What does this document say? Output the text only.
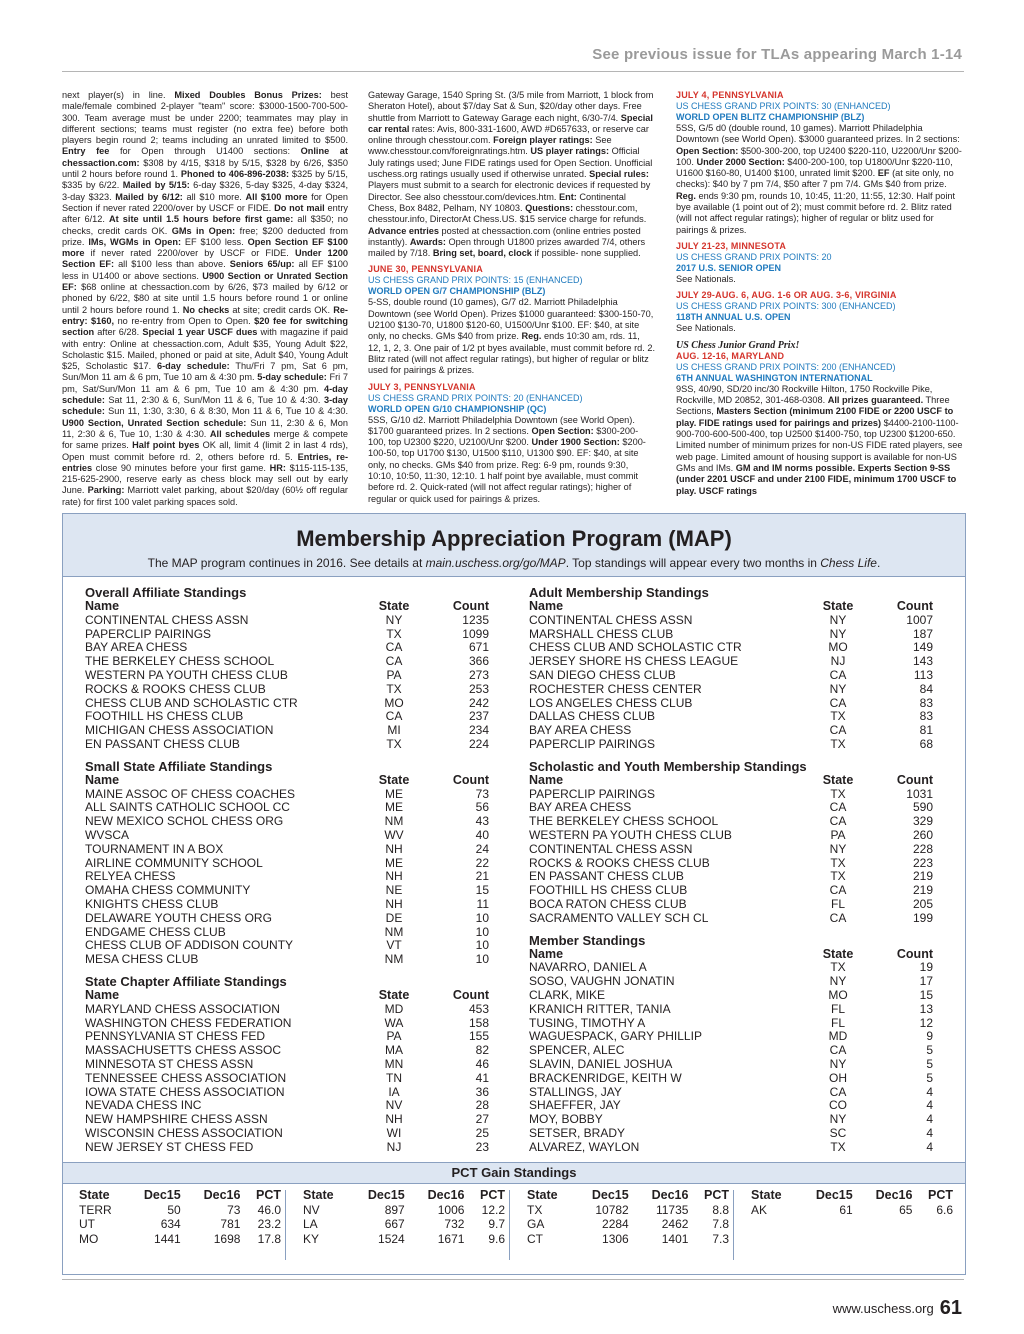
See previous issue for TLAs appearing March 1-14

next player(s) in line. Mixed Doubles Bonus Prizes: best male/female combined 2-player "team" score: $3000-1500-700-500-300. Team average must be under 2200; teammates may play in different sections; teams must register (no extra fee) before both players begin round 2; teams including an unrated limited to $500. Entry fee for Open through U1400 sections: Online at chessaction.com: $308 by 4/15, $318 by 5/15, $328 by 6/26, $350 until 2 hours before round 1. Phoned to 406-896-2038: $325 by 5/15, $335 by 6/22. Mailed by 5/15: 6-day $326, 5-day $325, 4-day $324, 3-day $323. Mailed by 6/12: all $10 more. All $100 more for Open Section if never rated 2200/over by USCF or FIDE. Do not mail entry after 6/12. At site until 1.5 hours before first game: all $350; no checks, credit cards OK. GMs in Open: free; $200 deducted from prize. IMs, WGMs in Open: EF $100 less. Open Section EF $100 more if never rated 2200/over by USCF or FIDE. Under 1200 Section EF: all $100 less than above. Seniors 65/up: all EF $100 less in U1400 or above sections. U900 Section or Unrated Section EF: $68 online at chessaction.com by 6/26, $73 mailed by 6/12 or phoned by 6/22, $80 at site until 1.5 hours before round 1 or online until 2 hours before round 1. No checks at site; credit cards OK. Re-entry: $160, no re-entry from Open to Open. $20 fee for switching section after 6/28. Special 1 year USCF dues with magazine if paid with entry: Online at chessaction.com, Adult $35, Young Adult $22, Scholastic $15. Mailed, phoned or paid at site, Adult $40, Young Adult $25, Scholastic $17. 6-day schedule: Thu/Fri 7 pm, Sat 6 pm, Sun/Mon 11 am & 6 pm, Tue 10 am & 4:30 pm. 5-day schedule: Fri 7 pm, Sat/Sun/Mon 11 am & 6 pm, Tue 10 am & 4:30 pm. 4-day schedule: Sat 11, 2:30 & 6, Sun/Mon 11 & 6, Tue 10 & 4:30. 3-day schedule: Sun 11, 1:30, 3:30, 6 & 8:30, Mon 11 & 6, Tue 10 & 4:30. U900 Section, Unrated Section schedule: Sun 11, 2:30 & 6, Mon 11, 2:30 & 6, Tue 10, 1:30 & 4:30. All schedules merge & compete for same prizes. Half point byes OK all, limit 4 (limit 2 in last 4 rds), Open must commit before rd. 2, others before rd. 5. Entries, re-entries close 90 minutes before your first game. HR: $115-115-135, 215-625-2900, reserve early as chess block may sell out by early June. Parking: Marriott valet parking, about $20/day (60½ off regular rate) for first 100 valet parking spaces sold.

Gateway Garage, 1540 Spring St. (3/5 mile from Marriott, 1 block from Sheraton Hotel), about $7/day Sat & Sun, $20/day other days. Free shuttle from Marriott to Gateway Garage each night, 6/30-7/4. Special car rental rates: Avis, 800-331-1600, AWD #D657633, or reserve car online through chesstour.com. Foreign player ratings: See www.chesstour.com/foreignratings.htm. US player ratings: Official July ratings used; June FIDE ratings used for Open Section. Unofficial uschess.org ratings usually used if otherwise unrated. Special rules: Players must submit to a search for electronic devices if requested by Director. See also chesstour.com/devices.htm. Ent: Continental Chess, Box 8482, Pelham, NY 10803. Questions: chesstour.com, chesstour.info, DirectorAt Chess.US. $15 service charge for refunds. Advance entries posted at chessaction.com (online entries posted instantly). Awards: Open through U1800 prizes awarded 7/4, others mailed by 7/18. Bring set, board, clock if possible- none supplied.

JUNE 30, PENNSYLVANIA
US CHESS GRAND PRIX POINTS: 15 (ENHANCED)
WORLD OPEN G/7 CHAMPIONSHIP (BLZ)

5-SS, double round (10 games), G/7 d2. Marriott Philadelphia Downtown (see World Open). Prizes $1000 guaranteed: $300-150-70, U2100 $130-70, U1800 $120-60, U1500/Unr $100. EF: $40, at site only, no checks. GMs $40 from prize. Reg. ends 10:30 am, rds. 11, 12, 1, 2, 3. One pair of 1/2 pt byes available, must commit before rd. 2. Blitz rated (will not affect regular ratings), but higher of regular or blitz used for pairings & prizes.

JULY 3, PENNSYLVANIA
US CHESS GRAND PRIX POINTS: 20 (ENHANCED)
WORLD OPEN G/10 CHAMPIONSHIP (QC)

5SS, G/10 d2. Marriott Philadelphia Downtown (see World Open). $1700 guaranteed prizes. In 2 sections. Open Section: $300-200-100, top U2300 $220, U2100/Unr $200. Under 1900 Section: $200-100-50, top U1700 $130, U1500 $110, U1300 $90. EF: $40, at site only, no checks. GMs $40 from prize. Reg: 6-9 pm, rounds 9:30, 10:10, 10:50, 11:30, 12:10. 1 half point bye available, must commit before rd. 2. Quick-rated (will not affect regular ratings); higher of regular or quick used for pairings & prizes.

JULY 4, PENNSYLVANIA
US CHESS GRAND PRIX POINTS: 30 (ENHANCED)
WORLD OPEN BLITZ CHAMPIONSHIP (BLZ)

5SS, G/5 d0 (double round, 10 games). Marriott Philadelphia Downtown (see World Open). $3000 guaranteed prizes. In 2 sections: Open Section: $500-300-200, top U2400 $220-110, U2200/Unr $200-100. Under 2000 Section: $400-200-100, top U1800/Unr $220-110, U1600 $160-80, U1400 $100, unrated limit $200. EF (at site only, no checks): $40 by 7 pm 7/4, $50 after 7 pm 7/4. GMs $40 from prize. Reg. ends 9:30 pm, rounds 10, 10:45, 11:20, 11:55, 12:30. Half point bye available (1 point out of 2); must commit before rd. 2. Blitz rated (will not affect regular ratings); higher of regular or blitz used for pairings & prizes.

JULY 21-23, MINNESOTA
US CHESS GRAND PRIX POINTS: 20
2017 U.S. SENIOR OPEN

See Nationals.

JULY 29-AUG. 6, AUG. 1-6 OR AUG. 3-6, VIRGINIA
US CHESS GRAND PRIX POINTS: 300 (ENHANCED)
118TH ANNUAL U.S. OPEN

See Nationals.

US Chess Junior Grand Prix!
AUG. 12-16, MARYLAND
US CHESS GRAND PRIX POINTS: 200 (ENHANCED)
6TH ANNUAL WASHINGTON INTERNATIONAL

9SS, 40/90, SD/20 inc/30 Rockville Hilton, 1750 Rockville Pike, Rockville, MD 20852, 301-468-0308. All prizes guaranteed. Three Sections, Masters Section (minimum 2100 FIDE or 2200 USCF to play. FIDE ratings used for pairings and prizes) $4400-2100-1100-900-700-600-500-400, top U2500 $1400-750, top U2300 $1200-650. Limited number of minimum prizes for non-US FIDE rated players, see web page. Limited amount of housing support is available for non-US GMs and IMs. GM and IM norms possible. Experts Section 9-SS (under 2201 USCF and under 2100 FIDE, minimum 1700 USCF to play. USCF ratings

Membership Appreciation Program (MAP)
The MAP program continues in 2016. See details at main.uschess.org/go/MAP. Top standings will appear every two months in Chess Life.
Overall Affiliate Standings
Name	State	Count
CONTINENTAL CHESS ASSN	NY	1235
PAPERCLIP PAIRINGS	TX	1099
BAY AREA CHESS	CA	671
THE BERKELEY CHESS SCHOOL	CA	366
WESTERN PA YOUTH CHESS CLUB	PA	273
ROCKS & ROOKS CHESS CLUB	TX	253
CHESS CLUB AND SCHOLASTIC CTR	MO	242
FOOTHILL HS CHESS CLUB	CA	237
MICHIGAN CHESS ASSOCIATION	MI	234
EN PASSANT CHESS CLUB	TX	224
Small State Affiliate Standings
Name	State	Count
MAINE ASSOC OF CHESS COACHES	ME	73
ALL SAINTS CATHOLIC SCHOOL CC	ME	56
NEW MEXICO SCHOL CHESS ORG	NM	43
WVSCA	WV	40
TOURNAMENT IN A BOX	NH	24
AIRLINE COMMUNITY SCHOOL	ME	22
RELYEA CHESS	NH	21
OMAHA CHESS COMMUNITY	NE	15
KNIGHTS CHESS CLUB	NH	11
DELAWARE YOUTH CHESS ORG	DE	10
ENDGAME CHESS CLUB	NM	10
CHESS CLUB OF ADDISON COUNTY	VT	10
MESA CHESS CLUB	NM	10
State Chapter Affiliate Standings
Name	State	Count
MARYLAND CHESS ASSOCIATION	MD	453
WASHINGTON CHESS FEDERATION	WA	158
PENNSYLVANIA ST CHESS FED	PA	155
MASSACHUSETTS CHESS ASSOC	MA	82
MINNESOTA ST CHESS ASSN	MN	46
TENNESSEE CHESS ASSOCIATION	TN	41
IOWA STATE CHESS ASSOCIATION	IA	36
NEVADA CHESS INC	NV	28
NEW HAMPSHIRE CHESS ASSN	NH	27
WISCONSIN CHESS ASSOCIATION	WI	25
NEW JERSEY ST CHESS FED	NJ	23
Adult Membership Standings
Name	State	Count
CONTINENTAL CHESS ASSN	NY	1007
MARSHALL CHESS CLUB	NY	187
CHESS CLUB AND SCHOLASTIC CTR	MO	149
JERSEY SHORE HS CHESS LEAGUE	NJ	143
SAN DIEGO CHESS CLUB	CA	113
ROCHESTER CHESS CENTER	NY	84
LOS ANGELES CHESS CLUB	CA	83
DALLAS CHESS CLUB	TX	83
BAY AREA CHESS	CA	81
PAPERCLIP PAIRINGS	TX	68
Scholastic and Youth Membership Standings
Name	State	Count
PAPERCLIP PAIRINGS	TX	1031
BAY AREA CHESS	CA	590
THE BERKELEY CHESS SCHOOL	CA	329
WESTERN PA YOUTH CHESS CLUB	PA	260
CONTINENTAL CHESS ASSN	NY	228
ROCKS & ROOKS CHESS CLUB	TX	223
EN PASSANT CHESS CLUB	TX	219
FOOTHILL HS CHESS CLUB	CA	219
BOCA RATON CHESS CLUB	FL	205
SACRAMENTO VALLEY SCH CL	CA	199
Member Standings
Name	State	Count
NAVARRO, DANIEL A	TX	19
SOSO, VAUGHN JONATIN	NY	17
CLARK, MIKE	MO	15
KRANICH RITTER, TANIA	FL	13
TUSING, TIMOTHY A	FL	12
WAGUESPACK, GARY PHILLIP	MD	9
SPENCER, ALEC	CA	5
SLAVIN, DANIEL JOSHUA	NY	5
BRACKENRIDGE, KEITH W	OH	5
STALLINGS, JAY	CA	4
SHAEFFER, JAY	CO	4
MOY, BOBBY	NY	4
SETSER, BRADY	SC	4
ALVAREZ, WAYLON	TX	4
PCT Gain Standings
State	Dec15	Dec16	PCT
TERR	50	73	46.0
UT	634	781	23.2
MO	1441	1698	17.8
State	Dec15	Dec16	PCT
NV	897	1006	12.2
LA	667	732	9.7
KY	1524	1671	9.6
State	Dec15	Dec16	PCT
TX	10782	11735	8.8
GA	2284	2462	7.8
CT	1306	1401	7.3
State	Dec15	Dec16	PCT
AK	61	65	6.6
www.uschess.org 61
